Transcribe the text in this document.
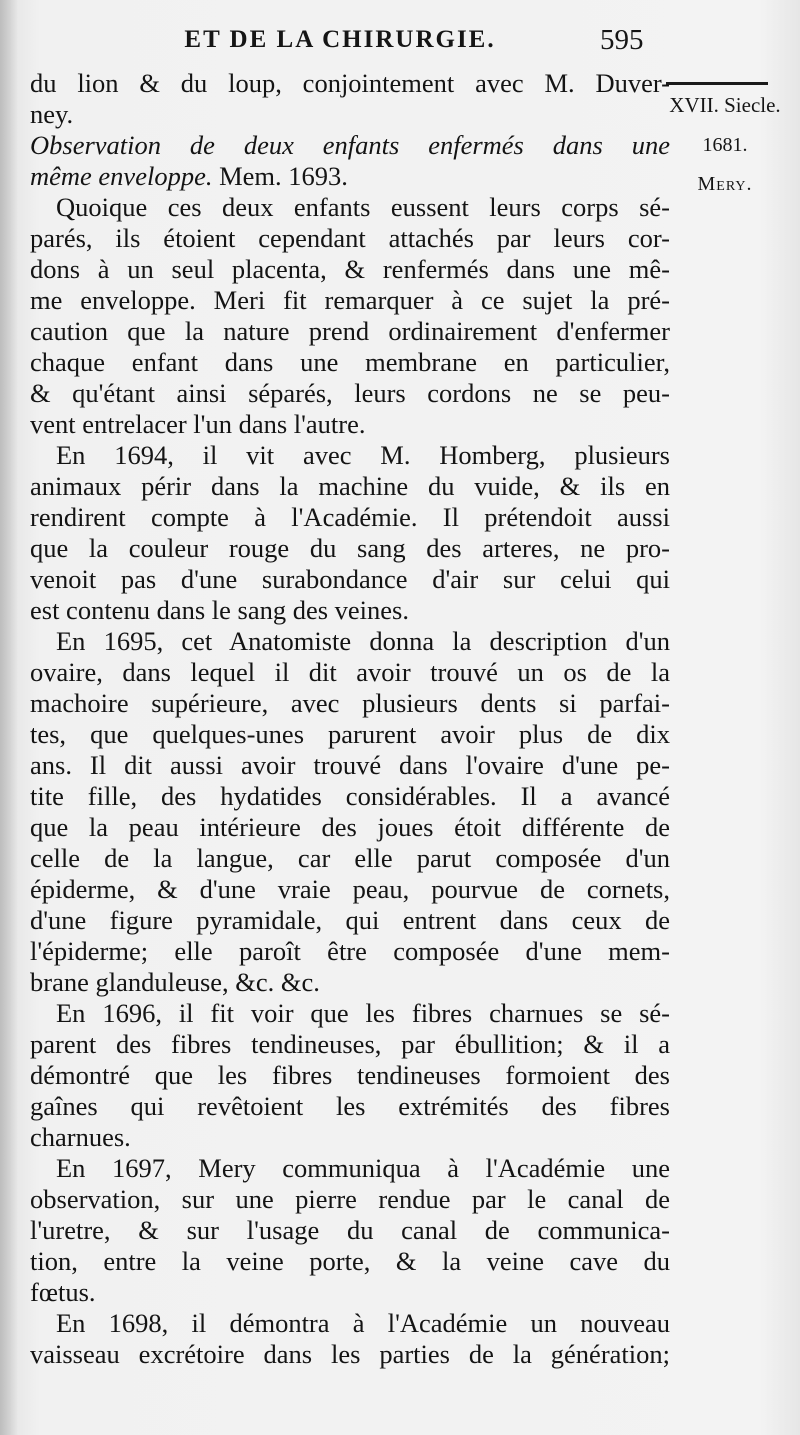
ET DE LA CHIRURGIE.	595
XVII. Siecle.
1681.
Mery.
du lion & du loup, conjointement avec M. Duver-
ney.
Observation de deux enfants enfermés dans une
même enveloppe. Mem. 1693.
Quoique ces deux enfants eussent leurs corps sé-
parés, ils étoient cependant attachés par leurs cor-
dons à un seul placenta, & renfermés dans une mê-
me enveloppe. Meri fit remarquer à ce sujet la pré-
caution que la nature prend ordinairement d'enfermer
chaque enfant dans une membrane en particulier,
& qu'étant ainsi séparés, leurs cordons ne se peu-
vent entrelacer l'un dans l'autre.
En 1694, il vit avec M. Homberg, plusieurs
animaux périr dans la machine du vuide, & ils en
rendirent compte à l'Académie. Il prétendoit aussi
que la couleur rouge du sang des arteres, ne pro-
venoit pas d'une surabondance d'air sur celui qui
est contenu dans le sang des veines.
En 1695, cet Anatomiste donna la description d'un
ovaire, dans lequel il dit avoir trouvé un os de la
machoire supérieure, avec plusieurs dents si parfai-
tes, que quelques-unes parurent avoir plus de dix
ans. Il dit aussi avoir trouvé dans l'ovaire d'une pe-
tite fille, des hydatides considérables. Il a avancé
que la peau intérieure des joues étoit différente de
celle de la langue, car elle parut composée d'un
épiderme, & d'une vraie peau, pourvue de cornets,
d'une figure pyramidale, qui entrent dans ceux de
l'épiderme; elle paroît être composée d'une mem-
brane glanduleuse, &c. &c.
En 1696, il fit voir que les fibres charnues se sé-
parent des fibres tendineuses, par ébullition; & il a
démontré que les fibres tendineuses formoient des
gaînes qui revêtoient les extrémités des fibres
charnues.
En 1697, Mery communiqua à l'Académie une
observation, sur une pierre rendue par le canal de
l'uretre, & sur l'usage du canal de communica-
tion, entre la veine porte, & la veine cave du
fœtus.
En 1698, il démontra à l'Académie un nouveau
vaisseau excrétoire dans les parties de la génération;
